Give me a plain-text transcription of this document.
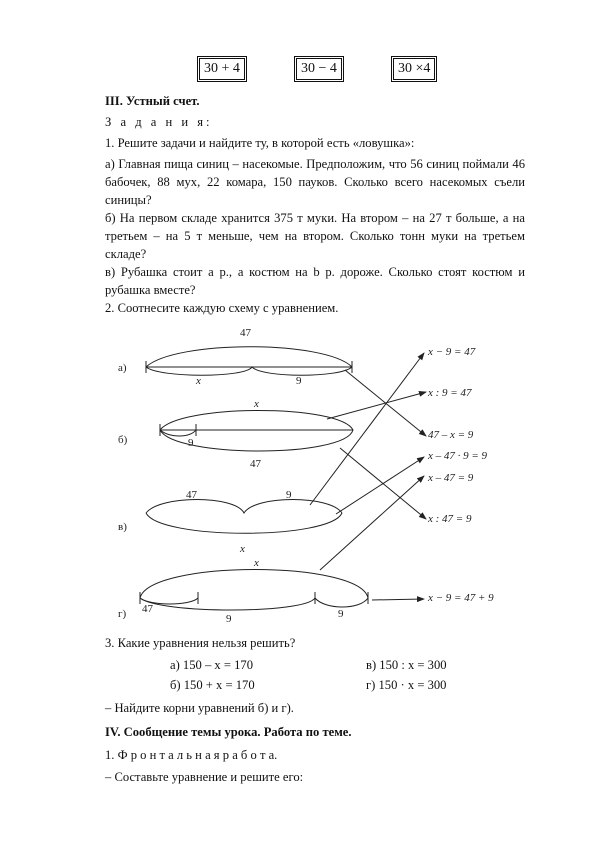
30 + 4	30 − 4	30 ×4
III. Устный счет.
З а д а н и я:
1. Решите задачи и найдите ту, в которой есть «ловушка»:
а) Главная пища синиц – насекомые. Предположим, что 56 синиц поймали 46 бабочек, 88 мух, 22 комара, 150 пауков. Сколько всего насекомых съели синицы?
б) На первом складе хранится 375 т муки. На втором – на 27 т больше, а на третьем – на 5 т меньше, чем на втором. Сколько тонн муки на третьем складе?
в) Рубашка стоит а р., а костюм на b р. дороже. Сколько стоят костюм и рубашка вместе?
2. Соотнесите каждую схему с уравнением.
а)
47
x	9
б)
x
9
47
в)
47	9
x
г)
x
47
9	9
x − 9 = 47
x : 9 = 47
47 – x = 9
x – 47 · 9 = 9
x – 47 = 9
x : 47 = 9
x − 9 = 47 + 9
3. Какие уравнения нельзя решить?
а) 150 – x = 170
б) 150 + x = 170
в) 150 : x = 300
г) 150 · x = 300
– Найдите корни уравнений б) и г).
IV. Сообщение темы урока. Работа по теме.
1. Ф р о н т а л ь н а я р а б о т а.
– Составьте уравнение и решите его:
